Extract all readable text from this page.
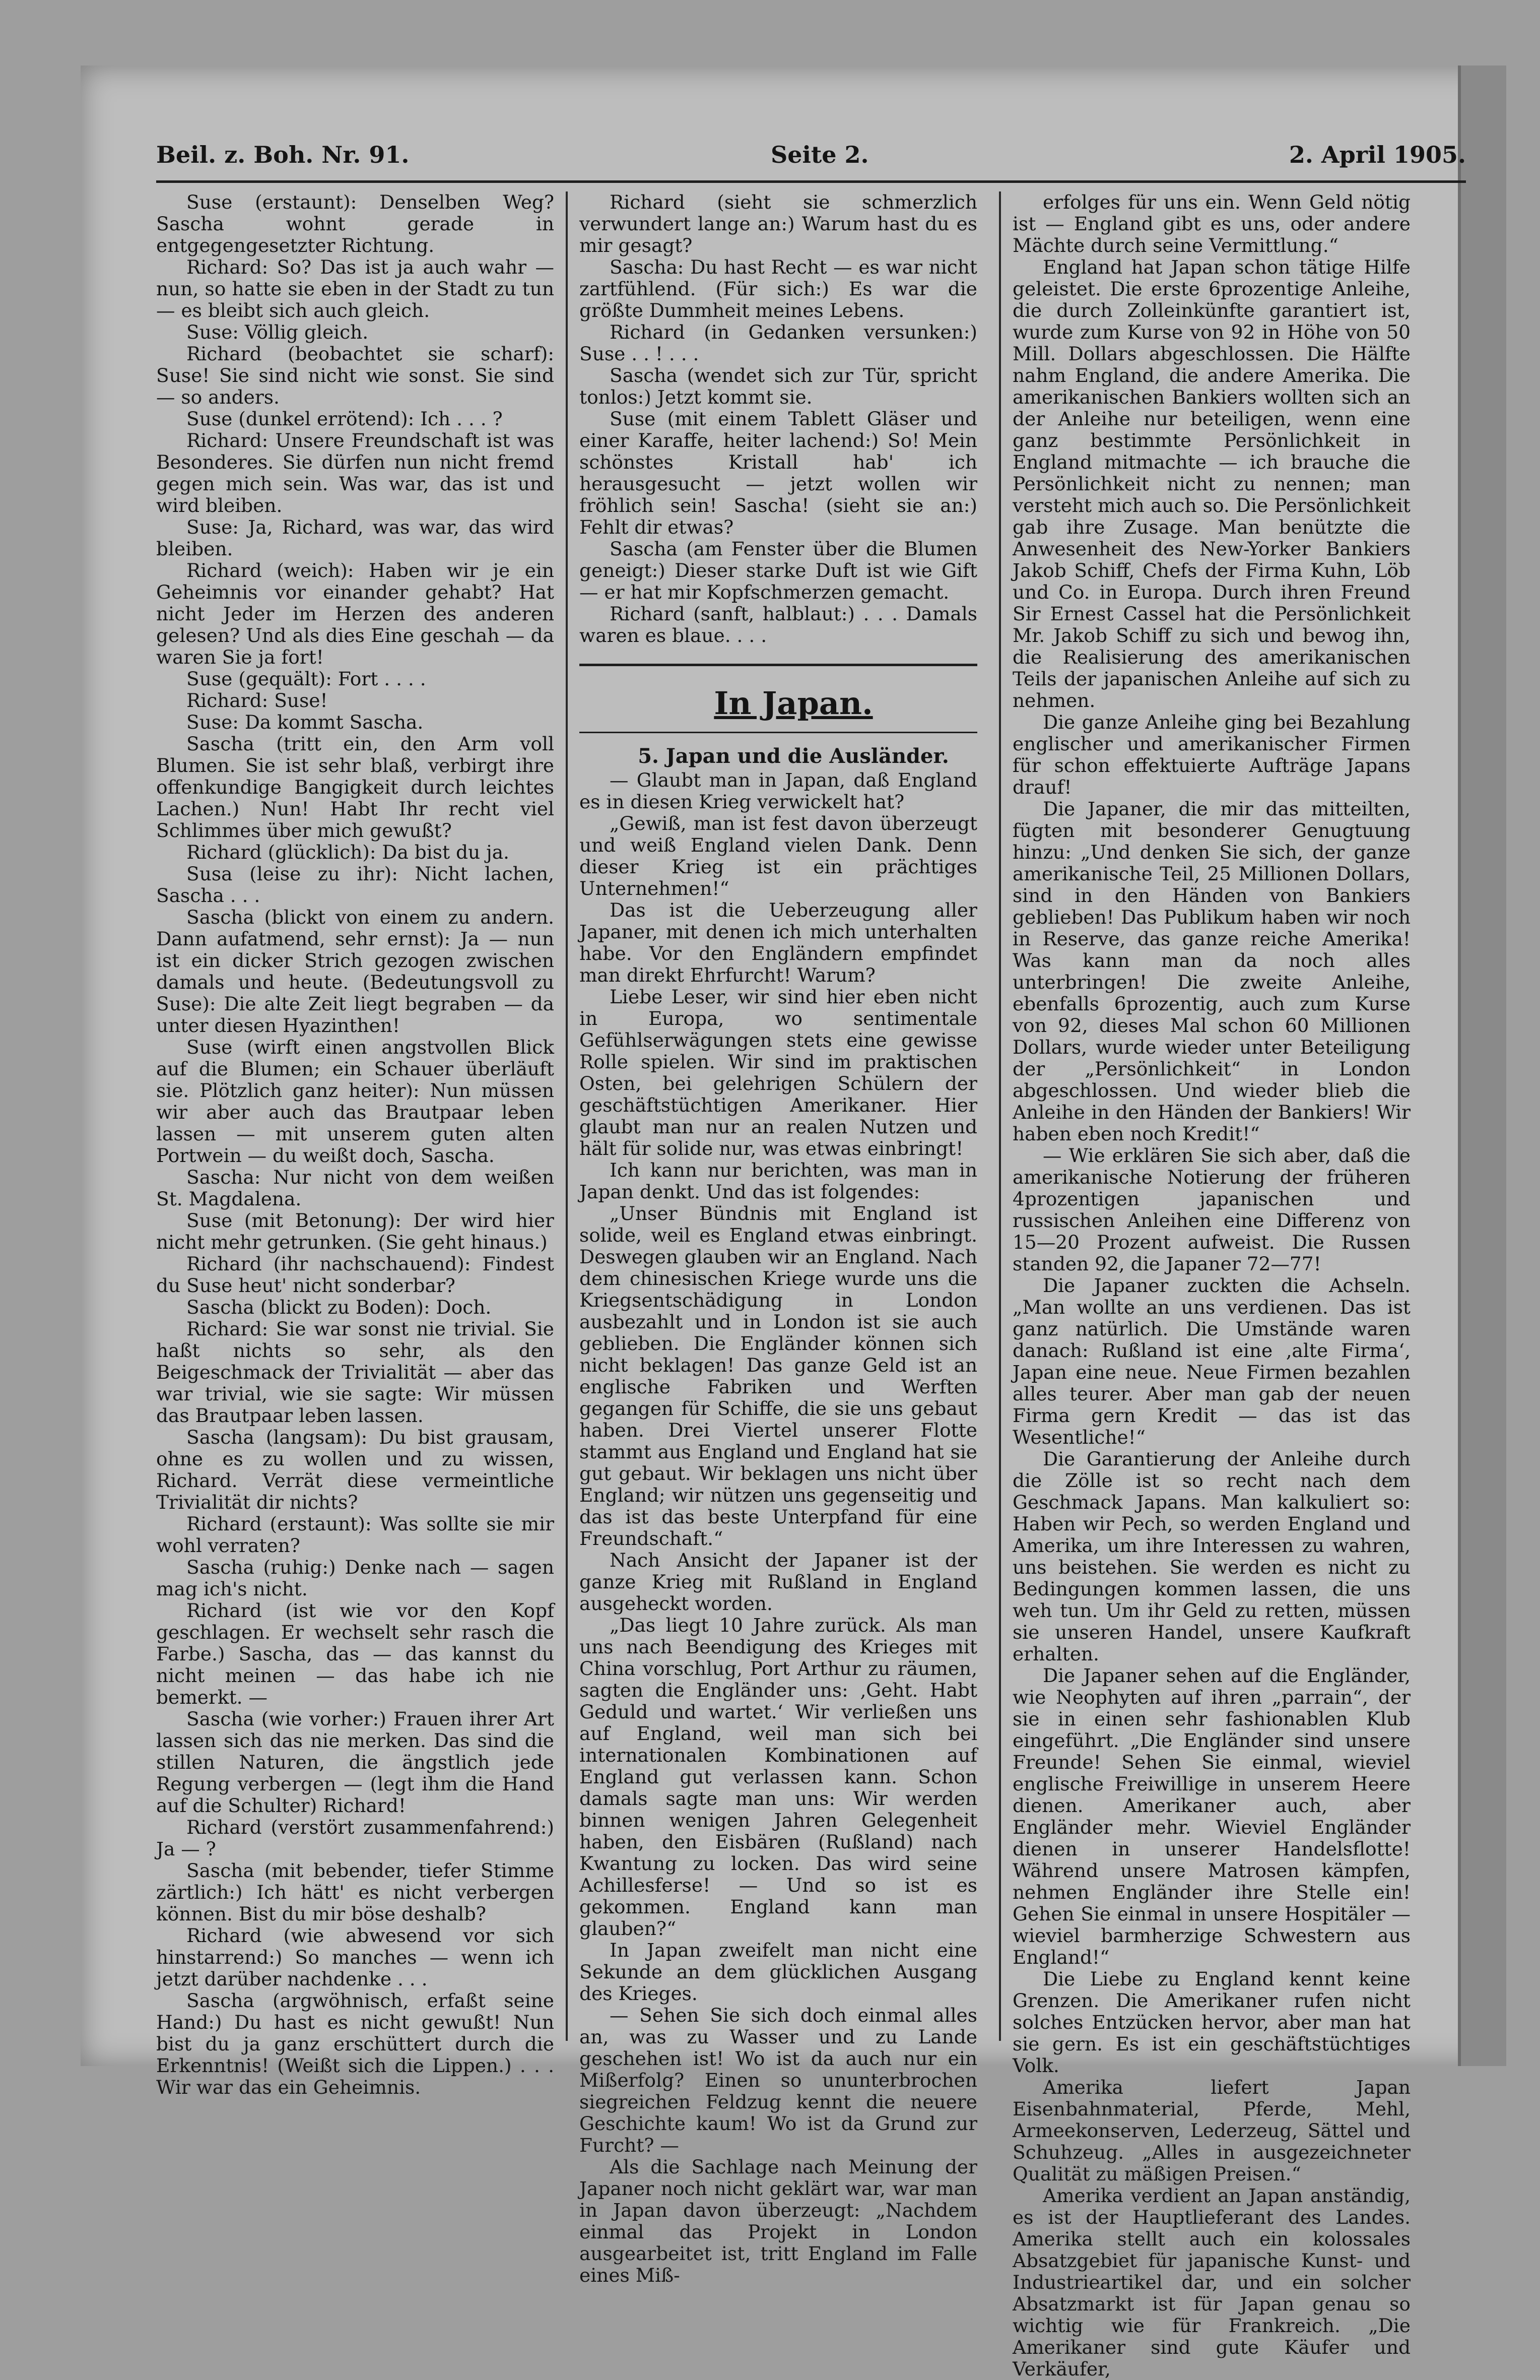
Beil. z. Boh. Nr. 91.	Seite 2.	2. April 1905.

Suse (erstaunt): Denselben Weg? Sascha wohnt gerade in entgegengesetzter Richtung.

Richard: So? Das ist ja auch wahr — nun, so hatte sie eben in der Stadt zu tun — es bleibt sich auch gleich.

Suse: Völlig gleich.

Richard (beobachtet sie scharf): Suse! Sie sind nicht wie sonst. Sie sind — so anders.

Suse (dunkel errötend): Ich . . . ?

Richard: Unsere Freundschaft ist was Besonderes. Sie dürfen nun nicht fremd gegen mich sein. Was war, das ist und wird bleiben.

Suse: Ja, Richard, was war, das wird bleiben.

Richard (weich): Haben wir je ein Geheimnis vor einander gehabt? Hat nicht Jeder im Herzen des anderen gelesen? Und als dies Eine geschah — da waren Sie ja fort!

Suse (gequält): Fort . . . .

Richard: Suse!

Suse: Da kommt Sascha.

Sascha (tritt ein, den Arm voll Blumen. Sie ist sehr blaß, verbirgt ihre offenkundige Bangigkeit durch leichtes Lachen.) Nun! Habt Ihr recht viel Schlimmes über mich gewußt?

Richard (glücklich): Da bist du ja.

Susa (leise zu ihr): Nicht lachen, Sascha . . .

Sascha (blickt von einem zu andern. Dann aufatmend, sehr ernst): Ja — nun ist ein dicker Strich gezogen zwischen damals und heute. (Bedeutungsvoll zu Suse): Die alte Zeit liegt begraben — da unter diesen Hyazinthen!

Suse (wirft einen angstvollen Blick auf die Blumen; ein Schauer überläuft sie. Plötzlich ganz heiter): Nun müssen wir aber auch das Brautpaar leben lassen — mit unserem guten alten Portwein — du weißt doch, Sascha.

Sascha: Nur nicht von dem weißen St. Magdalena.

Suse (mit Betonung): Der wird hier nicht mehr getrunken. (Sie geht hinaus.)

Richard (ihr nachschauend): Findest du Suse heut' nicht sonderbar?

Sascha (blickt zu Boden): Doch.

Richard: Sie war sonst nie trivial. Sie haßt nichts so sehr, als den Beigeschmack der Trivialität — aber das war trivial, wie sie sagte: Wir müssen das Brautpaar leben lassen.

Sascha (langsam): Du bist grausam, ohne es zu wollen und zu wissen, Richard. Verrät diese vermeintliche Trivialität dir nichts?

Richard (erstaunt): Was sollte sie mir wohl verraten?

Sascha (ruhig:) Denke nach — sagen mag ich's nicht.

Richard (ist wie vor den Kopf geschlagen. Er wechselt sehr rasch die Farbe.) Sascha, das — das kannst du nicht meinen — das habe ich nie bemerkt. —

Sascha (wie vorher:) Frauen ihrer Art lassen sich das nie merken. Das sind die stillen Naturen, die ängstlich jede Regung verbergen — (legt ihm die Hand auf die Schulter) Richard!

Richard (verstört zusammenfahrend:) Ja — ?

Sascha (mit bebender, tiefer Stimme zärtlich:) Ich hätt' es nicht verbergen können. Bist du mir böse deshalb?

Richard (wie abwesend vor sich hinstarrend:) So manches — wenn ich jetzt darüber nachdenke . . .

Sascha (argwöhnisch, erfaßt seine Hand:) Du hast es nicht gewußt! Nun bist du ja ganz erschüttert durch die Erkenntnis! (Weißt sich die Lippen.) . . . Wir war das ein Geheimnis.

Richard (sieht sie schmerzlich verwundert lange an:) Warum hast du es mir gesagt?

Sascha: Du hast Recht — es war nicht zartfühlend. (Für sich:) Es war die größte Dummheit meines Lebens.

Richard (in Gedanken versunken:) Suse . . ! . . .

Sascha (wendet sich zur Tür, spricht tonlos:) Jetzt kommt sie.

Suse (mit einem Tablett Gläser und einer Karaffe, heiter lachend:) So! Mein schönstes Kristall hab' ich herausgesucht — jetzt wollen wir fröhlich sein! Sascha! (sieht sie an:) Fehlt dir etwas?

Sascha (am Fenster über die Blumen geneigt:) Dieser starke Duft ist wie Gift — er hat mir Kopfschmerzen gemacht.

Richard (sanft, halblaut:) . . . Damals waren es blaue. . . .

In Japan.

5. Japan und die Ausländer.

— Glaubt man in Japan, daß England es in diesen Krieg verwickelt hat?

„Gewiß, man ist fest davon überzeugt und weiß England vielen Dank. Denn dieser Krieg ist ein prächtiges Unternehmen!“

Das ist die Ueberzeugung aller Japaner, mit denen ich mich unterhalten habe. Vor den Engländern empfindet man direkt Ehrfurcht! Warum?

Liebe Leser, wir sind hier eben nicht in Europa, wo sentimentale Gefühlserwägungen stets eine gewisse Rolle spielen. Wir sind im praktischen Osten, bei gelehrigen Schülern der geschäftstüchtigen Amerikaner. Hier glaubt man nur an realen Nutzen und hält für solide nur, was etwas einbringt!

Ich kann nur berichten, was man in Japan denkt. Und das ist folgendes:

„Unser Bündnis mit England ist solide, weil es England etwas einbringt. Deswegen glauben wir an England. Nach dem chinesischen Kriege wurde uns die Kriegsentschädigung in London ausbezahlt und in London ist sie auch geblieben. Die Engländer können sich nicht beklagen! Das ganze Geld ist an englische Fabriken und Werften gegangen für Schiffe, die sie uns gebaut haben. Drei Viertel unserer Flotte stammt aus England und England hat sie gut gebaut. Wir beklagen uns nicht über England; wir nützen uns gegenseitig und das ist das beste Unterpfand für eine Freundschaft.“

Nach Ansicht der Japaner ist der ganze Krieg mit Rußland in England ausgeheckt worden.

„Das liegt 10 Jahre zurück. Als man uns nach Beendigung des Krieges mit China vorschlug, Port Arthur zu räumen, sagten die Engländer uns: ‚Geht. Habt Geduld und wartet.‘ Wir verließen uns auf England, weil man sich bei internationalen Kombinationen auf England gut verlassen kann. Schon damals sagte man uns: Wir werden binnen wenigen Jahren Gelegenheit haben, den Eisbären (Rußland) nach Kwantung zu locken. Das wird seine Achillesferse! — Und so ist es gekommen. England kann man glauben?“

In Japan zweifelt man nicht eine Sekunde an dem glücklichen Ausgang des Krieges.

— Sehen Sie sich doch einmal alles an, was zu Wasser und zu Lande geschehen ist! Wo ist da auch nur ein Mißerfolg? Einen so ununterbrochen siegreichen Feldzug kennt die neuere Geschichte kaum! Wo ist da Grund zur Furcht? —

Als die Sachlage nach Meinung der Japaner noch nicht geklärt war, war man in Japan davon überzeugt: „Nachdem einmal das Projekt in London ausgearbeitet ist, tritt England im Falle eines Miß-

erfolges für uns ein. Wenn Geld nötig ist — England gibt es uns, oder andere Mächte durch seine Vermittlung.“

England hat Japan schon tätige Hilfe geleistet. Die erste 6prozentige Anleihe, die durch Zolleinkünfte garantiert ist, wurde zum Kurse von 92 in Höhe von 50 Mill. Dollars abgeschlossen. Die Hälfte nahm England, die andere Amerika. Die amerikanischen Bankiers wollten sich an der Anleihe nur beteiligen, wenn eine ganz bestimmte Persönlichkeit in England mitmachte — ich brauche die Persönlichkeit nicht zu nennen; man versteht mich auch so. Die Persönlichkeit gab ihre Zusage. Man benützte die Anwesenheit des New-Yorker Bankiers Jakob Schiff, Chefs der Firma Kuhn, Löb und Co. in Europa. Durch ihren Freund Sir Ernest Cassel hat die Persönlichkeit Mr. Jakob Schiff zu sich und bewog ihn, die Realisierung des amerikanischen Teils der japanischen Anleihe auf sich zu nehmen.

Die ganze Anleihe ging bei Bezahlung englischer und amerikanischer Firmen für schon effektuierte Aufträge Japans drauf!

Die Japaner, die mir das mitteilten, fügten mit besonderer Genugtuung hinzu: „Und denken Sie sich, der ganze amerikanische Teil, 25 Millionen Dollars, sind in den Händen von Bankiers geblieben! Das Publikum haben wir noch in Reserve, das ganze reiche Amerika! Was kann man da noch alles unterbringen! Die zweite Anleihe, ebenfalls 6prozentig, auch zum Kurse von 92, dieses Mal schon 60 Millionen Dollars, wurde wieder unter Beteiligung der „Persönlichkeit“ in London abgeschlossen. Und wieder blieb die Anleihe in den Händen der Bankiers! Wir haben eben noch Kredit!“

— Wie erklären Sie sich aber, daß die amerikanische Notierung der früheren 4prozentigen japanischen und russischen Anleihen eine Differenz von 15—20 Prozent aufweist. Die Russen standen 92, die Japaner 72—77!

Die Japaner zuckten die Achseln. „Man wollte an uns verdienen. Das ist ganz natürlich. Die Umstände waren danach: Rußland ist eine ‚alte Firma‘, Japan eine neue. Neue Firmen bezahlen alles teurer. Aber man gab der neuen Firma gern Kredit — das ist das Wesentliche!“

Die Garantierung der Anleihe durch die Zölle ist so recht nach dem Geschmack Japans. Man kalkuliert so: Haben wir Pech, so werden England und Amerika, um ihre Interessen zu wahren, uns beistehen. Sie werden es nicht zu Bedingungen kommen lassen, die uns weh tun. Um ihr Geld zu retten, müssen sie unseren Handel, unsere Kaufkraft erhalten.

Die Japaner sehen auf die Engländer, wie Neophyten auf ihren „parrain“, der sie in einen sehr fashionablen Klub eingeführt. „Die Engländer sind unsere Freunde! Sehen Sie einmal, wieviel englische Freiwillige in unserem Heere dienen. Amerikaner auch, aber Engländer mehr. Wieviel Engländer dienen in unserer Handelsflotte! Während unsere Matrosen kämpfen, nehmen Engländer ihre Stelle ein! Gehen Sie einmal in unsere Hospitäler — wieviel barmherzige Schwestern aus England!“

Die Liebe zu England kennt keine Grenzen. Die Amerikaner rufen nicht solches Entzücken hervor, aber man hat sie gern. Es ist ein geschäftstüchtiges Volk.

Amerika liefert Japan Eisenbahnmaterial, Pferde, Mehl, Armeekonserven, Lederzeug, Sättel und Schuhzeug. „Alles in ausgezeichneter Qualität zu mäßigen Preisen.“

Amerika verdient an Japan anständig, es ist der Hauptlieferant des Landes. Amerika stellt auch ein kolossales Absatzgebiet für japanische Kunst- und Industrieartikel dar, und ein solcher Absatzmarkt ist für Japan genau so wichtig wie für Frankreich. „Die Amerikaner sind gute Käufer und Verkäufer,
